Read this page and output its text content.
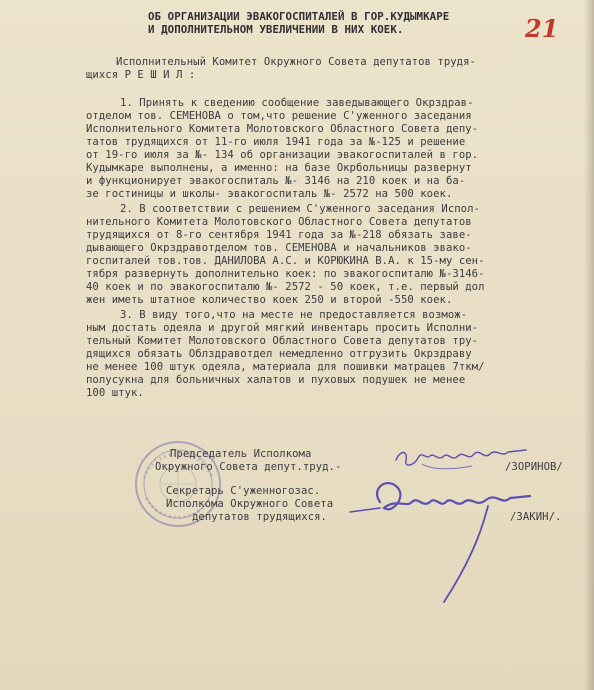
21
ОБ ОРГАНИЗАЦИИ ЭВАКОГОСПИТАЛЕЙ В ГОР.КУДЫМКАРЕ
И ДОПОЛНИТЕЛЬНОМ УВЕЛИЧЕНИИ В НИХ КОЕК.
Исполнительный Комитет Окружного Совета депутатов трудя-
щихся Р Е Ш И Л :
1. Принять к сведению сообщение заведывающего Окрздрав-
отделом тов. СЕМЕНОВА о том,что решение С'уженного заседания
Исполнительного Комитета Молотовского Областного Совета депу-
татов трудящихся от 11-го июля 1941 года за №-125 и решение
от 19-го июля за №- 134 об организации эвакогоспиталей в гор.
Кудымкаре выполнены, а именно: на базе Окрбольницы развернут
и функционирует эвакогоспиталь №- 3146 на 210 коек и на ба-
зе гостиницы и школы- эвакогоспиталь №- 2572 на 500 коек.
2. В соответствии с решением С'уженного заседания Испол-
нительного Комитета Молотовского Областного Совета депутатов
трудящихся от 8-го сентября 1941 года за №-218 обязать заве-
дывающего Окрздравотделом тов. СЕМЕНОВА и начальников эвако-
госпиталей тов.тов. ДАНИЛОВА А.С. и КОРЮКИНА В.А. к 15-му сен-
тября развернуть дополнительно коек: по эвакогоспиталю №-3146-
40 коек и по эвакогоспиталю №- 2572 - 50 коек, т.е. первый дол
жен иметь штатное количество коек 250 и второй -550 коек.
3. В виду того,что на месте не предоставляется возмож-
ным достать одеяла и другой мягкий инвентарь просить Исполни-
тельный Комитет Молотовского Областного Совета депутатов тру-
дящихся обязать Облздравотдел немедленно отгрузить Окрздраву
не менее 100 штук одеяла, материала для пошивки матрацев 7ткм/
полусукна для больничных халатов и пуховых подушек не менее
100 штук.
Председатель Исполкома
Окружного Совета депут.труд.-	/ЗОРИНОВ/
Секретарь С'уженногозас.
Исполкома Окружного Совета
депутатов трудящихся.	/ЗАКИН/.
